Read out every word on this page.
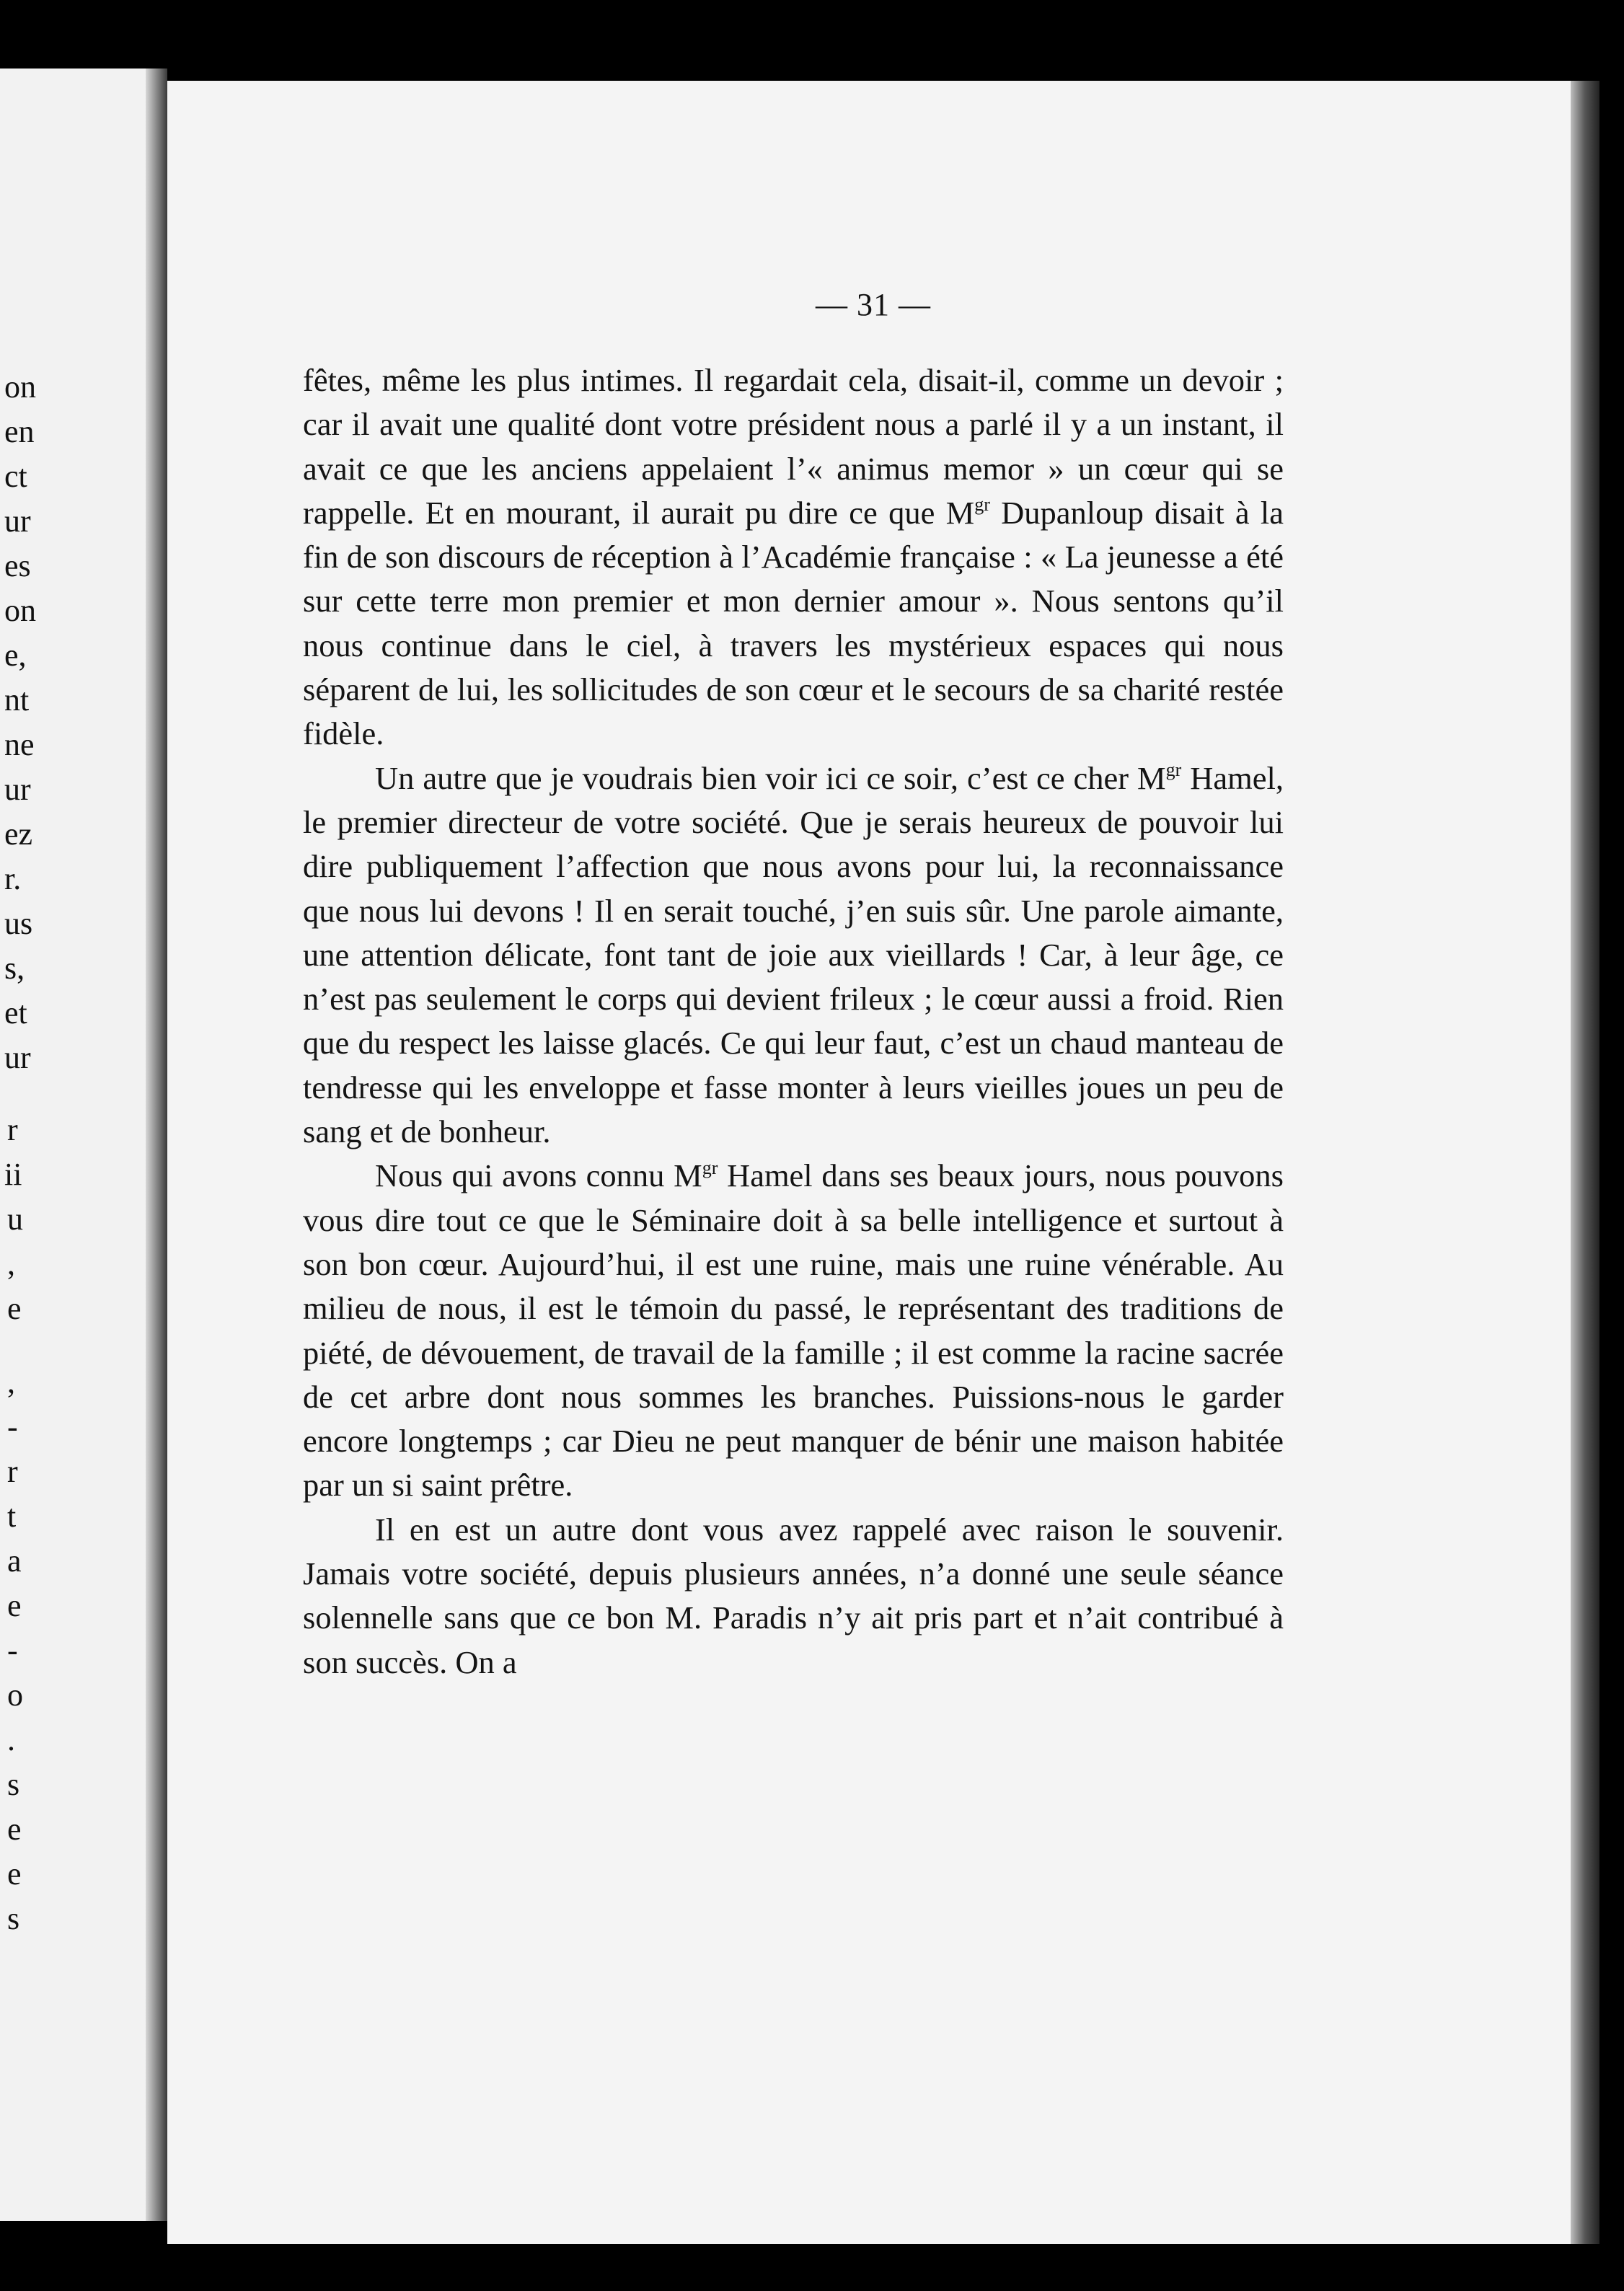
on
en
ct
ur
es
on
e,
nt
ne
ur
ez
r.
us
s,
et
ur
r
ii
u
,
e
,
-
r
t
a
e
-
o
.
s
e
e
s
— 31 —

fêtes, même les plus intimes. Il regardait cela, disait-il, comme un devoir ; car il avait une qualité dont votre président nous a parlé il y a un instant, il avait ce que les anciens appelaient l’« animus memor » un cœur qui se rappelle. Et en mourant, il aurait pu dire ce que $M^{gr}$ Dupanloup disait à la fin de son discours de réception à l’Académie française : « La jeunesse a été sur cette terre mon premier et mon dernier amour ». Nous sentons qu’il nous continue dans le ciel, à travers les mystérieux espaces qui nous séparent de lui, les sollicitudes de son cœur et le secours de sa charité restée fidèle.

Un autre que je voudrais bien voir ici ce soir, c’est ce cher $M^{gr}$ Hamel, le premier directeur de votre société. Que je serais heureux de pouvoir lui dire publiquement l’affection que nous avons pour lui, la reconnaissance que nous lui devons ! Il en serait touché, j’en suis sûr. Une parole aimante, une attention délicate, font tant de joie aux vieillards ! Car, à leur âge, ce n’est pas seulement le corps qui devient frileux ; le cœur aussi a froid. Rien que du respect les laisse glacés. Ce qui leur faut, c’est un chaud manteau de tendresse qui les enveloppe et fasse monter à leurs vieilles joues un peu de sang et de bonheur.

Nous qui avons connu $M^{gr}$ Hamel dans ses beaux jours, nous pouvons vous dire tout ce que le Séminaire doit à sa belle intelligence et surtout à son bon cœur. Aujourd’hui, il est une ruine, mais une ruine vénérable. Au milieu de nous, il est le témoin du passé, le représentant des traditions de piété, de dévouement, de travail de la famille ; il est comme la racine sacrée de cet arbre dont nous sommes les branches. Puissions-nous le garder encore longtemps ; car Dieu ne peut manquer de bénir une maison habitée par un si saint prêtre.

Il en est un autre dont vous avez rappelé avec raison le souvenir. Jamais votre société, depuis plusieurs années, n’a donné une seule séance solennelle sans que ce bon M. Paradis n’y ait pris part et n’ait contribué à son succès. On a
